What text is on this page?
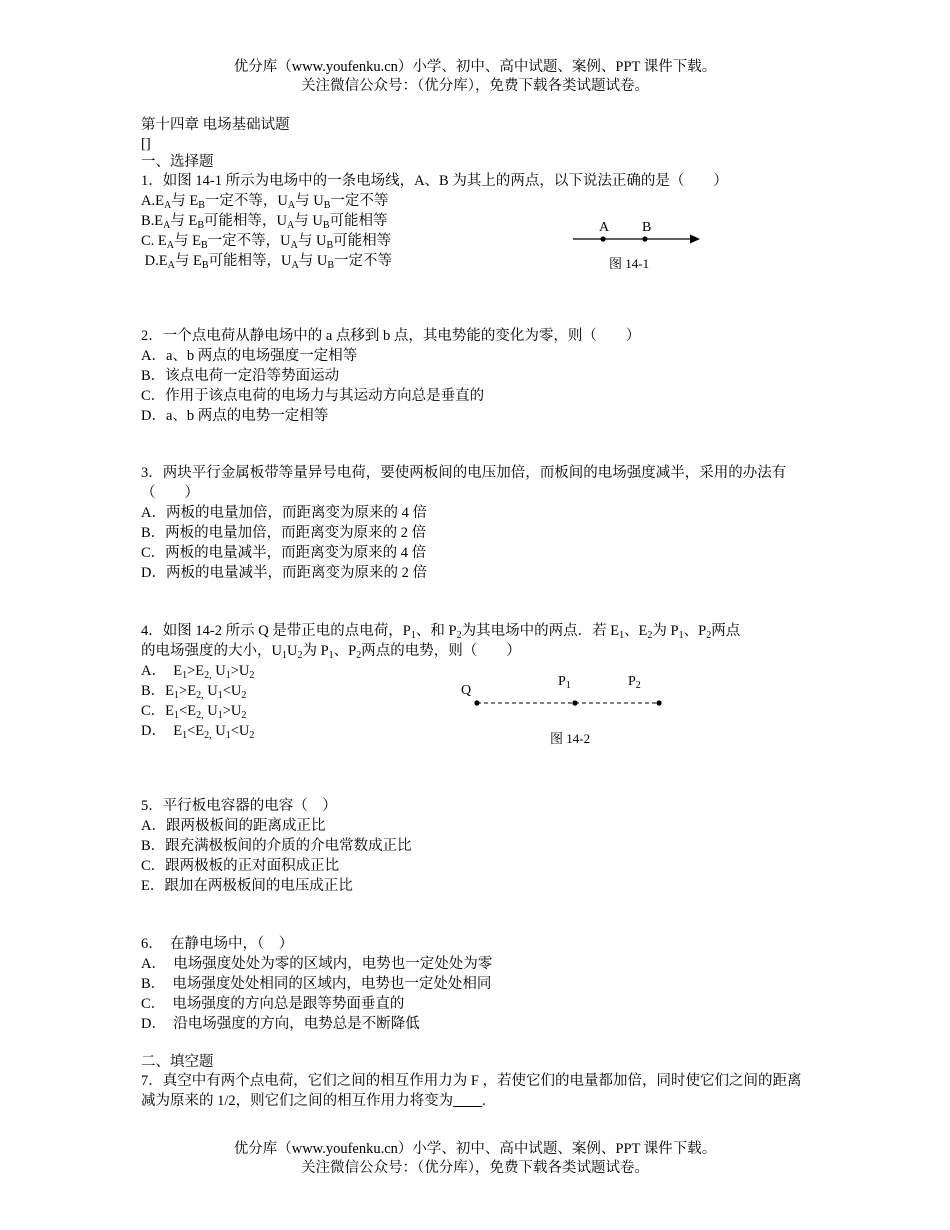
优分库（www.youfenku.cn）小学、初中、高中试题、案例、PPT 课件下载。
关注微信公众号：（优分库），免费下载各类试题试卷。
第十四章 电场基础试题
[]
一、选择题
1．如图 14-1 所示为电场中的一条电场线，A、B 为其上的两点，以下说法正确的是（　　）
$A.E_A$与 $E_B$一定不等，$U_A$与 $U_B$一定不等
$B.E_A$与 $E_B$可能相等，$U_A$与 $U_B$可能相等
C. $E_A$与 $E_B$一定不等，$U_A$与 $U_B$可能相等
$D.E_A$与 $E_B$可能相等，$U_A$与 $U_B$一定不等
A B
图 14-1
2．一个点电荷从静电场中的 a 点移到 b 点，其电势能的变化为零，则（　　）
A．a、b 两点的电场强度一定相等
B．该点电荷一定沿等势面运动
C．作用于该点电荷的电场力与其运动方向总是垂直的
D．a、b 两点的电势一定相等
3．两块平行金属板带等量异号电荷，要使两板间的电压加倍，而板间的电场强度减半，采用的办法有（　　）
A．两板的电量加倍，而距离变为原来的 4 倍
B．两板的电量加倍，而距离变为原来的 2 倍
C．两板的电量减半，而距离变为原来的 4 倍
D．两板的电量减半，而距离变为原来的 2 倍
4．如图 14-2 所示 Q 是带正电的点电荷，$P_1$、和 $P_2$为其电场中的两点．若 $E_1$、$E_2$为 $P_1$、$P_2$两点
的电场强度的大小，$U_1U_2$为 $P_1$、$P_2$两点的电势，则（　　）
A．  $E_1>E_{2,}$ $U_1>U_2$
B．$E_1>E_{2,}$ $U_1<U_2$
C．$E_1<E_{2,}$ $U_1>U_2$
D．  $E_1<E_{2,}$ $U_1<U_2$
Q
$P_1$	$P_2$
图 14-2
5．平行板电容器的电容（　）
A．跟两极板间的距离成正比
B．跟充满极板间的介质的介电常数成正比
C．跟两极板的正对面积成正比
E．跟加在两极板间的电压成正比
6．  在静电场中，（　）
A．  电场强度处处为零的区域内，电势也一定处处为零
B．  电场强度处处相同的区域内，电势也一定处处相同
C．  电场强度的方向总是跟等势面垂直的
D．  沿电场强度的方向，电势总是不断降低
二、填空题
7．真空中有两个点电荷，它们之间的相互作用力为 F ，若使它们的电量都加倍，同时使它们之间的距离减为原来的 1/2，则它们之间的相互作用力将变为　　 .
优分库（www.youfenku.cn）小学、初中、高中试题、案例、PPT 课件下载。
关注微信公众号：（优分库），免费下载各类试题试卷。
